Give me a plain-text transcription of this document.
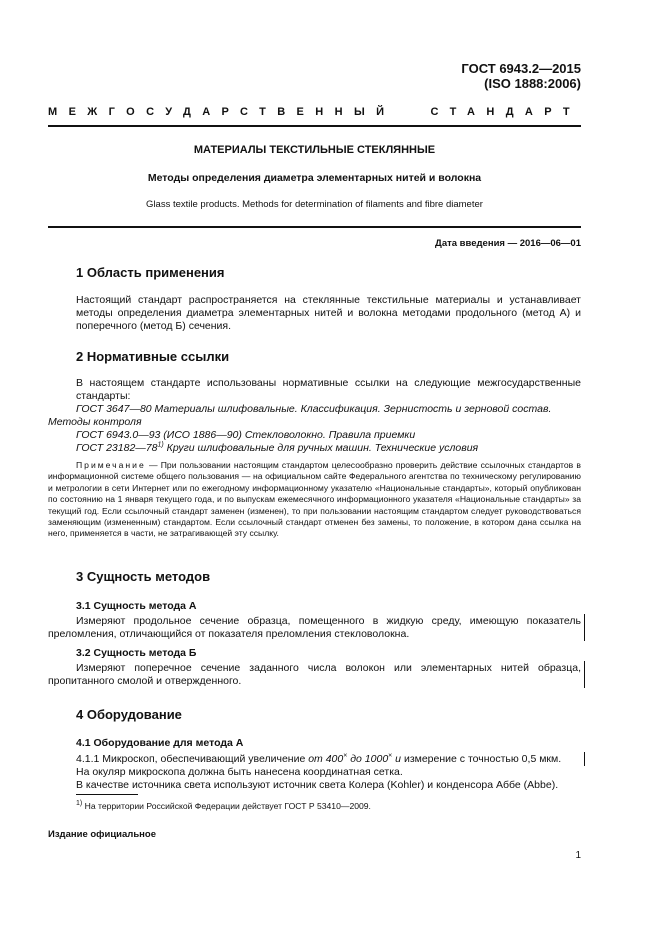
ГОСТ 6943.2—2015
(ISO 1888:2006)
МЕЖГОСУДАРСТВЕННЫЙ	СТАНДАРТ
МАТЕРИАЛЫ ТЕКСТИЛЬНЫЕ СТЕКЛЯННЫЕ
Методы определения диаметра элементарных нитей и волокна
Glass textile products. Methods for determination of filaments and fibre diameter
Дата введения — 2016—06—01
1 Область применения
Настоящий стандарт распространяется на стеклянные текстильные материалы и устанавливает методы определения диаметра элементарных нитей и волокна методами продольного (метод А) и поперечного (метод Б) сечения.
2 Нормативные ссылки
В настоящем стандарте использованы нормативные ссылки на следующие межгосударственные стандарты:
ГОСТ 3647—80 Материалы шлифовальные. Классификация. Зернистость и зерновой состав.
Методы контроля
ГОСТ 6943.0—93 (ИСО 1886—90) Стекловолокно. Правила приемки
ГОСТ 23182—78$^{1)}$ Круги шлифовальные для ручных машин. Технические условия
Примечание — При пользовании настоящим стандартом целесообразно проверить действие ссылочных стандартов в информационной системе общего пользования — на официальном сайте Федерального агентства по техническому регулированию и метрологии в сети Интернет или по ежегодному информационному указателю «Национальные стандарты», который опубликован по состоянию на 1 января текущего года, и по выпускам ежемесячного информационного указателя «Национальные стандарты» за текущий год. Если ссылочный стандарт заменен (изменен), то при пользовании настоящим стандартом следует руководствоваться заменяющим (измененным) стандартом. Если ссылочный стандарт отменен без замены, то положение, в котором дана ссылка на него, применяется в части, не затрагивающей эту ссылку.
3 Сущность методов
3.1 Сущность метода А
Измеряют продольное сечение образца, помещенного в жидкую среду, имеющую показатель преломления, отличающийся от показателя преломления стекловолокна.
3.2 Сущность метода Б
Измеряют поперечное сечение заданного числа волокон или элементарных нитей образца, пропитанного смолой и отвержденного.
4 Оборудование
4.1 Оборудование для метода А
4.1.1 Микроскоп, обеспечивающий увеличение от 400× до 1000× и измерение с точностью 0,5 мкм.
На окуляр микроскопа должна быть нанесена координатная сетка.
В качестве источника света используют источник света Колера (Kohler) и конденсора Аббе (Abbe).
$^{1)}$ На территории Российской Федерации действует ГОСТ Р 53410—2009.
Издание официальное
1
